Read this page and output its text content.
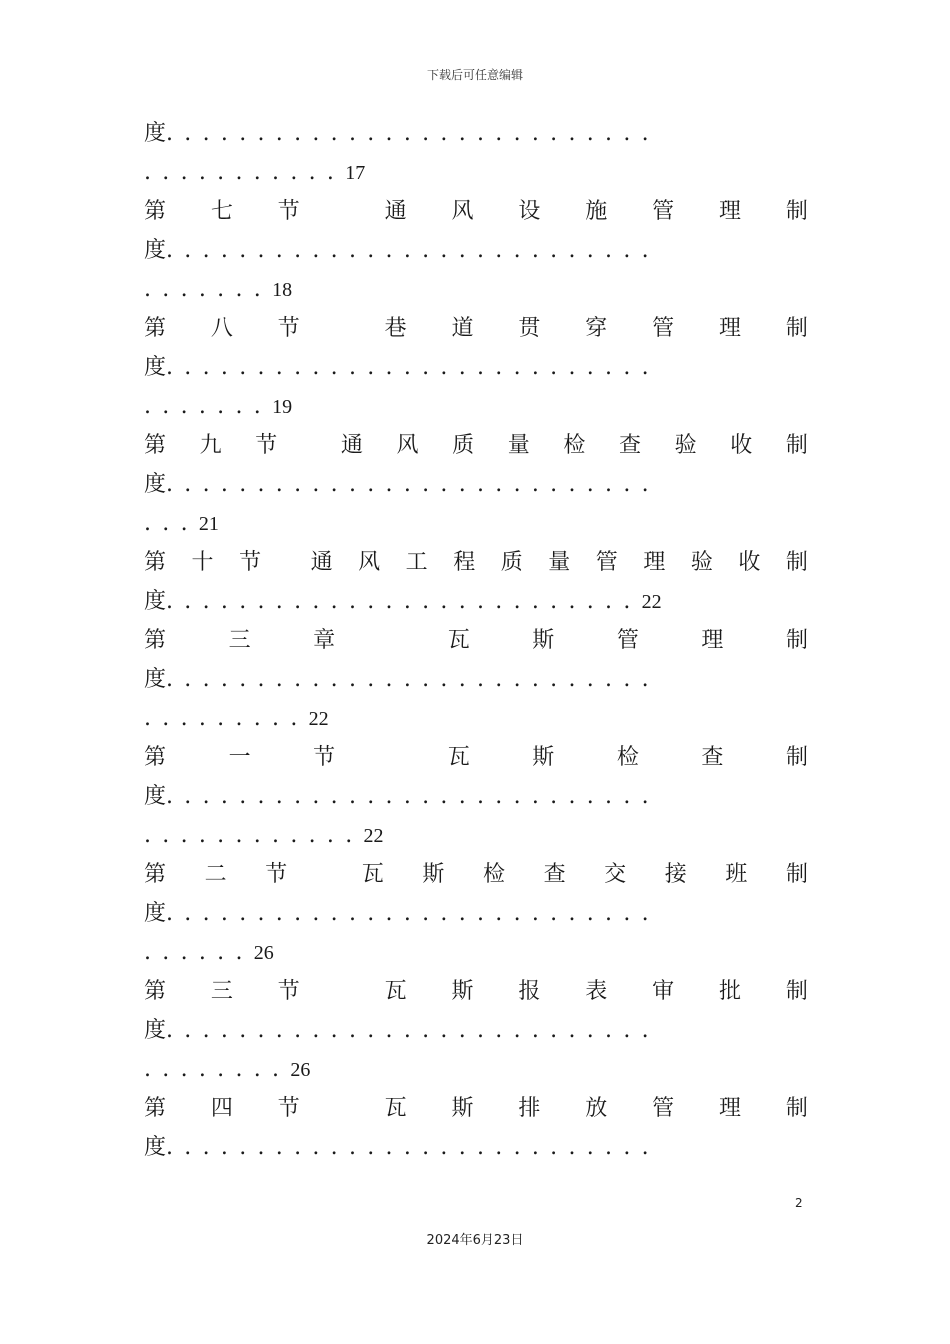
下载后可任意编辑
度...........................
...........17
第 七 节	通 风 设 施 管 理 制
度...........................
.......18
第 八 节	巷 道 贯 穿 管 理 制
度...........................
.......19
第 九 节	通 风 质 量 检 查 验 收 制
度...........................
...21
第 十 节 通 风 工 程 质 量 管 理 验 收 制
度..........................22
第	三	章	瓦	斯	管	理	制
度...........................
.........22
第	一	节	瓦	斯	检	查	制
度...........................
............22
第 二 节	瓦 斯 检 查 交 接 班 制
度...........................
......26
第 三 节	瓦 斯 报 表 审 批 制
度...........................
........26
第 四 节	瓦 斯 排 放 管 理 制
度...........................
2
2024年6月23日
